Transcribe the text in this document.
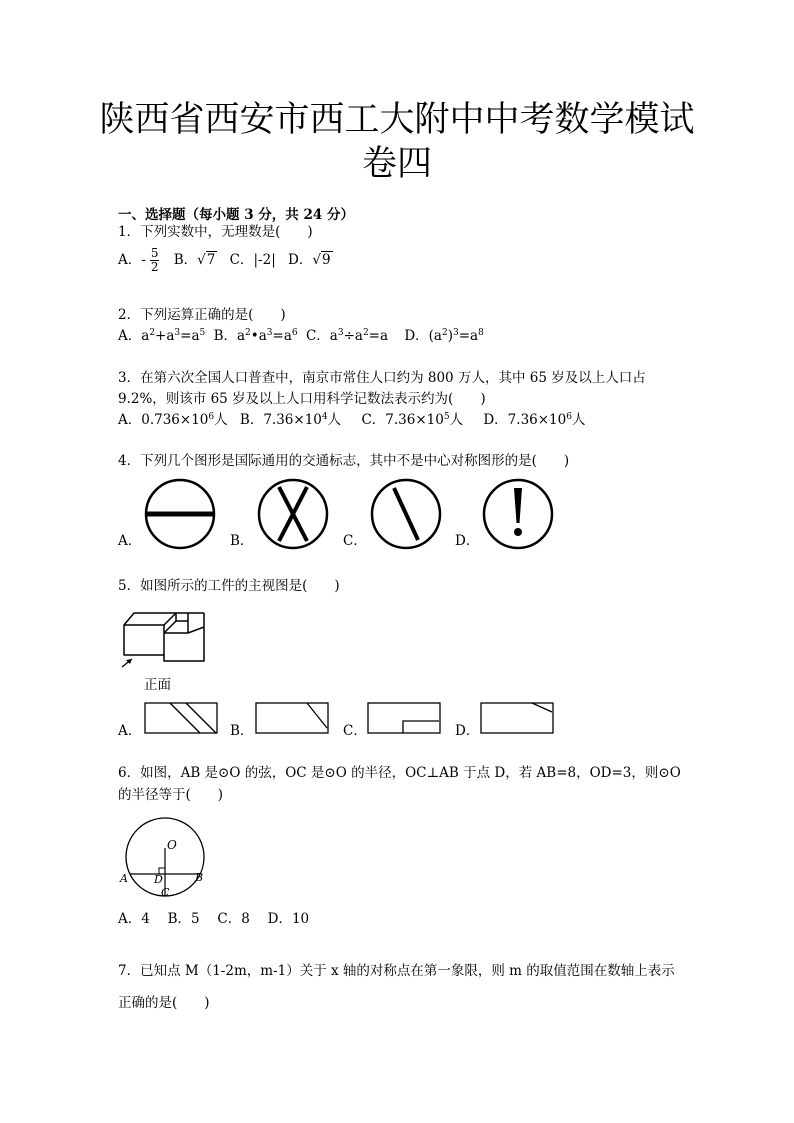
陕西省西安市西工大附中中考数学模试
卷四
一、选择题（每小题 3 分，共 24 分）
1．下列实数中，无理数是(　　)
A．- $\frac{5}{2}$ B．√7 C．|-2| D．√9
2．下列运算正确的是(　　)
A．$a^2+a^3=a^5$ B．$a^2•a^3=a^6$ C．$a^3\div a^2=a$ D．$(a^2)^3=a^8$
3．在第六次全国人口普查中，南京市常住人口约为 800 万人，其中 65 岁及以上人口占
9.2%，则该市 65 岁及以上人口用科学记数法表示约为(　　)
A．$0.736\times 10^6$人 B．$7.36\times 10^4$人 C．$7.36\times 10^5$人 D．$7.36\times 10^6$人
4．下列几个图形是国际通用的交通标志，其中不是中心对称图形的是(　　)
A．	B．	C．	D．
5．如图所示的工件的主视图是(　　)
正面
A．	B．	C．	D．
6．如图，AB 是⊙O 的弦，OC 是⊙O 的半径，OC⊥AB 于点 D，若 AB=8，OD=3，则⊙O
的半径等于(　　)
O
A	B
D
C
A．4　 B．5　 C．8　 D．10
7．已知点 M（1-2m，m-1）关于 x 轴的对称点在第一象限，则 m 的取值范围在数轴上表示
正确的是(　　)
